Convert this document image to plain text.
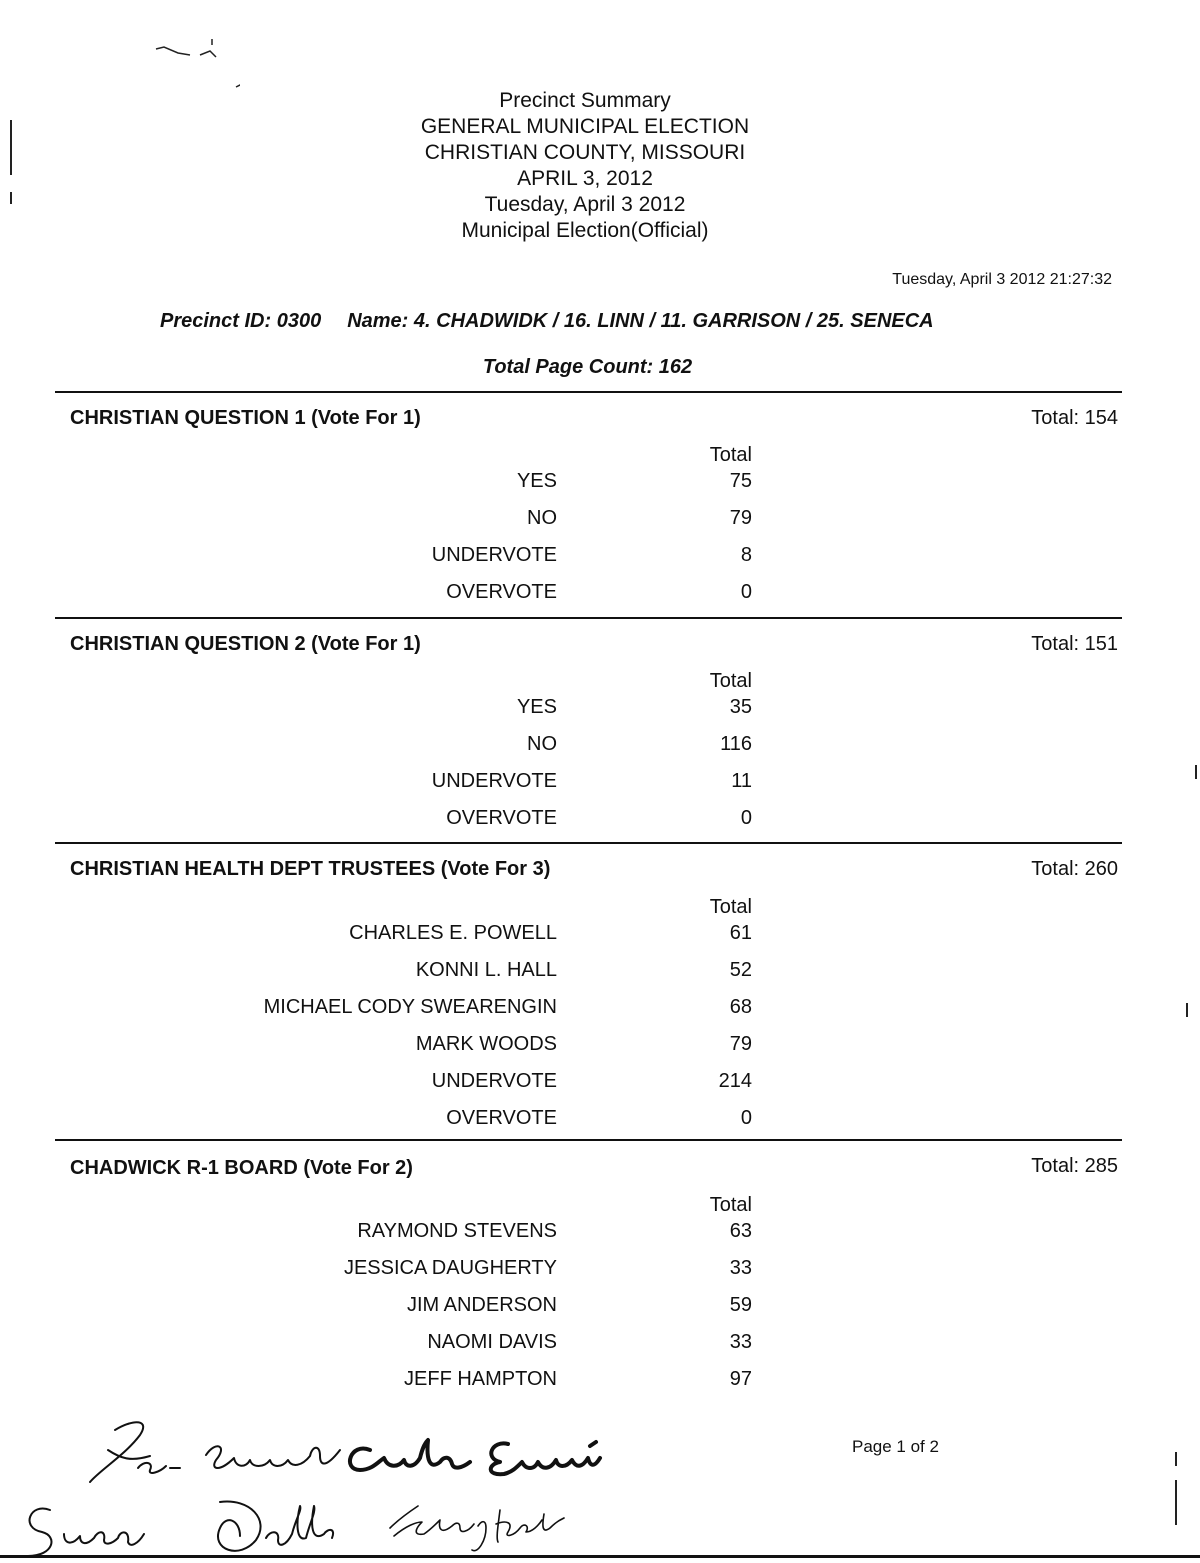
Precinct Summary
GENERAL MUNICIPAL ELECTION
CHRISTIAN COUNTY, MISSOURI
APRIL 3, 2012
Tuesday, April 3 2012
Municipal Election(Official)
Tuesday, April 3 2012 21:27:32
Precinct ID: 0300 Name: 4. CHADWIDK / 16. LINN / 11. GARRISON / 25. SENECA
Total Page Count: 162
CHRISTIAN QUESTION 1 (Vote For 1)	Total: 154
Total
YES	75
NO	79
UNDERVOTE	8
OVERVOTE	0
CHRISTIAN QUESTION 2 (Vote For 1)	Total: 151
Total
YES	35
NO	116
UNDERVOTE	11
OVERVOTE	0
CHRISTIAN HEALTH DEPT TRUSTEES (Vote For 3)	Total: 260
Total
CHARLES E. POWELL	61
KONNI L. HALL	52
MICHAEL CODY SWEARENGIN	68
MARK WOODS	79
UNDERVOTE	214
OVERVOTE	0
CHADWICK R-1 BOARD (Vote For 2)	Total: 285
Total
RAYMOND STEVENS	63
JESSICA DAUGHERTY	33
JIM ANDERSON	59
NAOMI DAVIS	33
JEFF HAMPTON	97
Page 1 of 2
